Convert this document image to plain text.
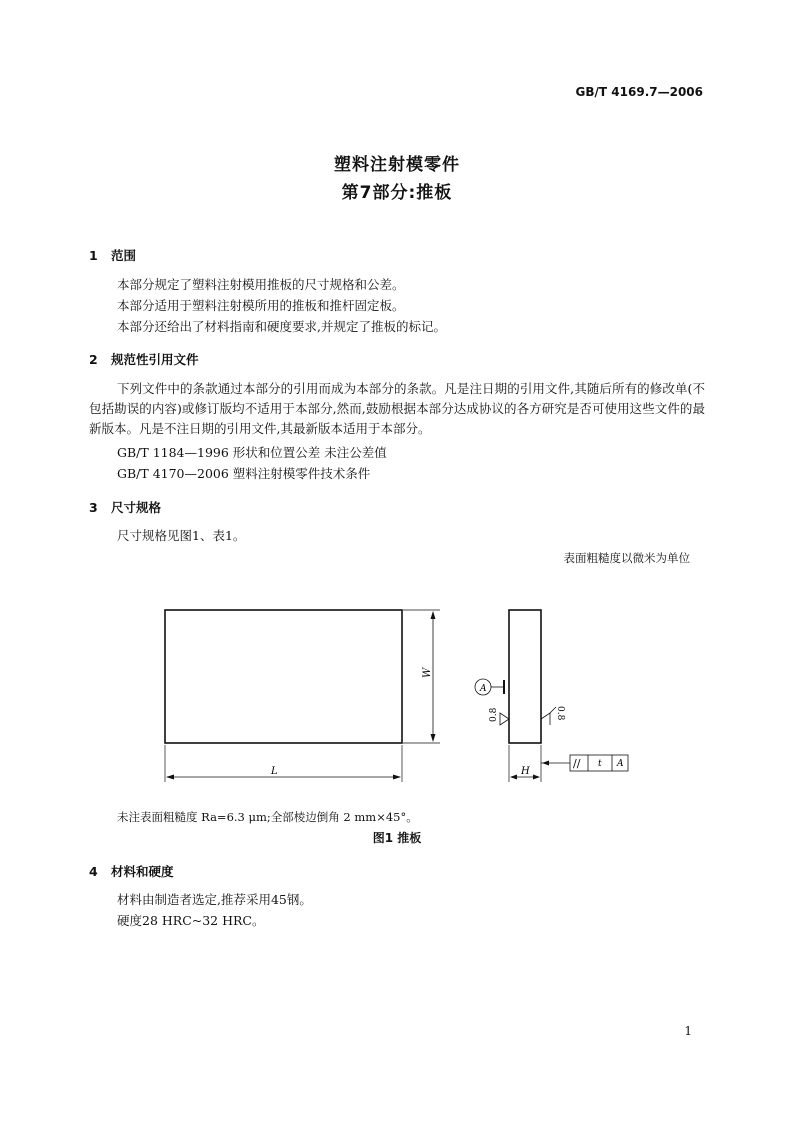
GB/T 4169.7—2006
塑料注射模零件
第7部分:推板
1 范围
本部分规定了塑料注射模用推板的尺寸规格和公差。
本部分适用于塑料注射模所用的推板和推杆固定板。
本部分还给出了材料指南和硬度要求,并规定了推板的标记。
2 规范性引用文件
下列文件中的条款通过本部分的引用而成为本部分的条款。凡是注日期的引用文件,其随后所有的修改单(不包括勘误的内容)或修订版均不适用于本部分,然而,鼓励根据本部分达成协议的各方研究是否可使用这些文件的最新版本。凡是不注日期的引用文件,其最新版本适用于本部分。
GB/T 1184—1996 形状和位置公差 未注公差值
GB/T 4170—2006 塑料注射模零件技术条件
3 尺寸规格
尺寸规格见图1、表1。
表面粗糙度以微米为单位
W
L	H
A
0.8	0.8
// t A
未注表面粗糙度 Ra=6.3 μm;全部棱边倒角 2 mm×45°。
图1 推板
4 材料和硬度
材料由制造者选定,推荐采用45钢。
硬度28 HRC~32 HRC。
1
